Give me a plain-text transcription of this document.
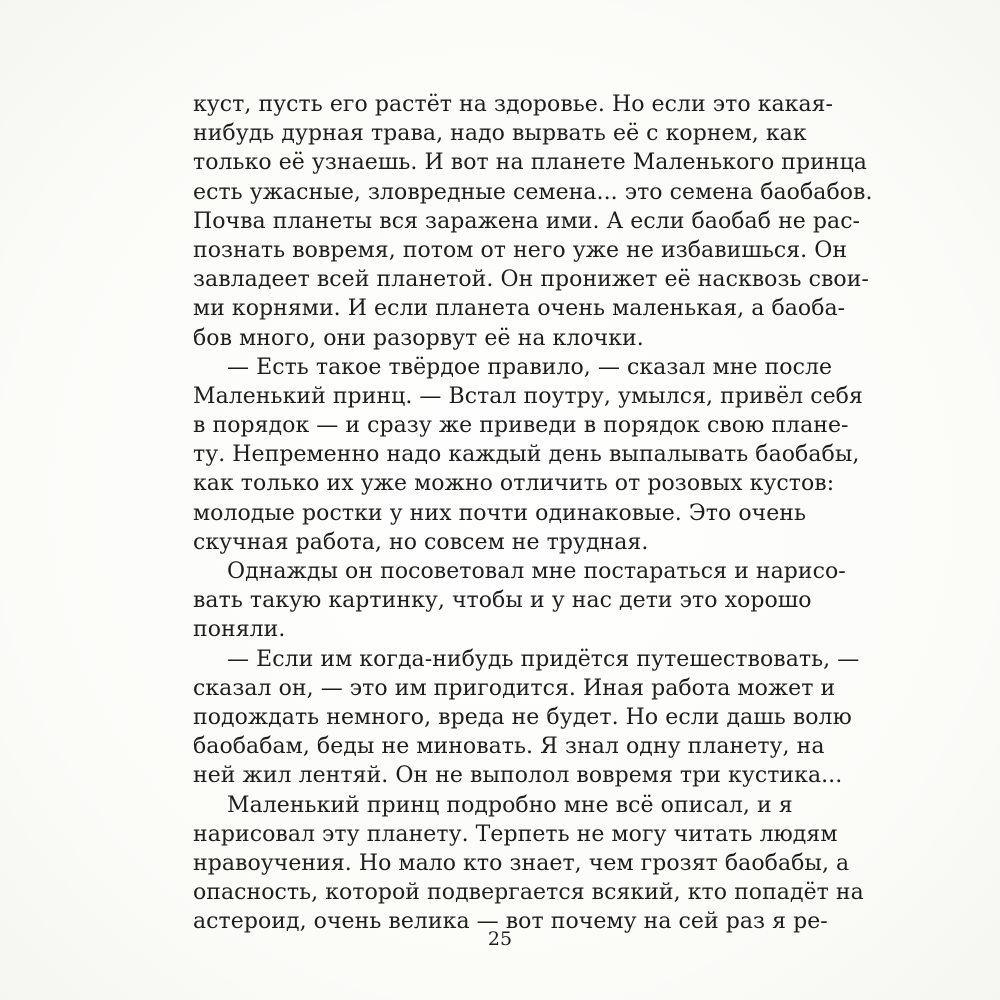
куст, пусть его растёт на здоровье. Но если это какая-
нибудь дурная трава, надо вырвать её с корнем, как
только её узнаешь. И вот на планете Маленького принца
есть ужасные, зловредные семена... это семена баобабов.
Почва планеты вся заражена ими. А если баобаб не рас-
познать вовремя, потом от него уже не избавишься. Он
завладеет всей планетой. Он пронижет её насквозь свои-
ми корнями. И если планета очень маленькая, а баоба-
бов много, они разорвут её на клочки.
— Есть такое твёрдое правило, — сказал мне после
Маленький принц. — Встал поутру, умылся, привёл себя
в порядок — и сразу же приведи в порядок свою плане-
ту. Непременно надо каждый день выпалывать баобабы,
как только их уже можно отличить от розовых кустов:
молодые ростки у них почти одинаковые. Это очень
скучная работа, но совсем не трудная.
Однажды он посоветовал мне постараться и нарисо-
вать такую картинку, чтобы и у нас дети это хорошо
поняли.
— Если им когда-нибудь придётся путешествовать, —
сказал он, — это им пригодится. Иная работа может и
подождать немного, вреда не будет. Но если дашь волю
баобабам, беды не миновать. Я знал одну планету, на
ней жил лентяй. Он не выполол вовремя три кустика...
Маленький принц подробно мне всё описал, и я
нарисовал эту планету. Терпеть не могу читать людям
нравоучения. Но мало кто знает, чем грозят баобабы, а
опасность, которой подвергается всякий, кто попадёт на
астероид, очень велика — вот почему на сей раз я ре-
25
